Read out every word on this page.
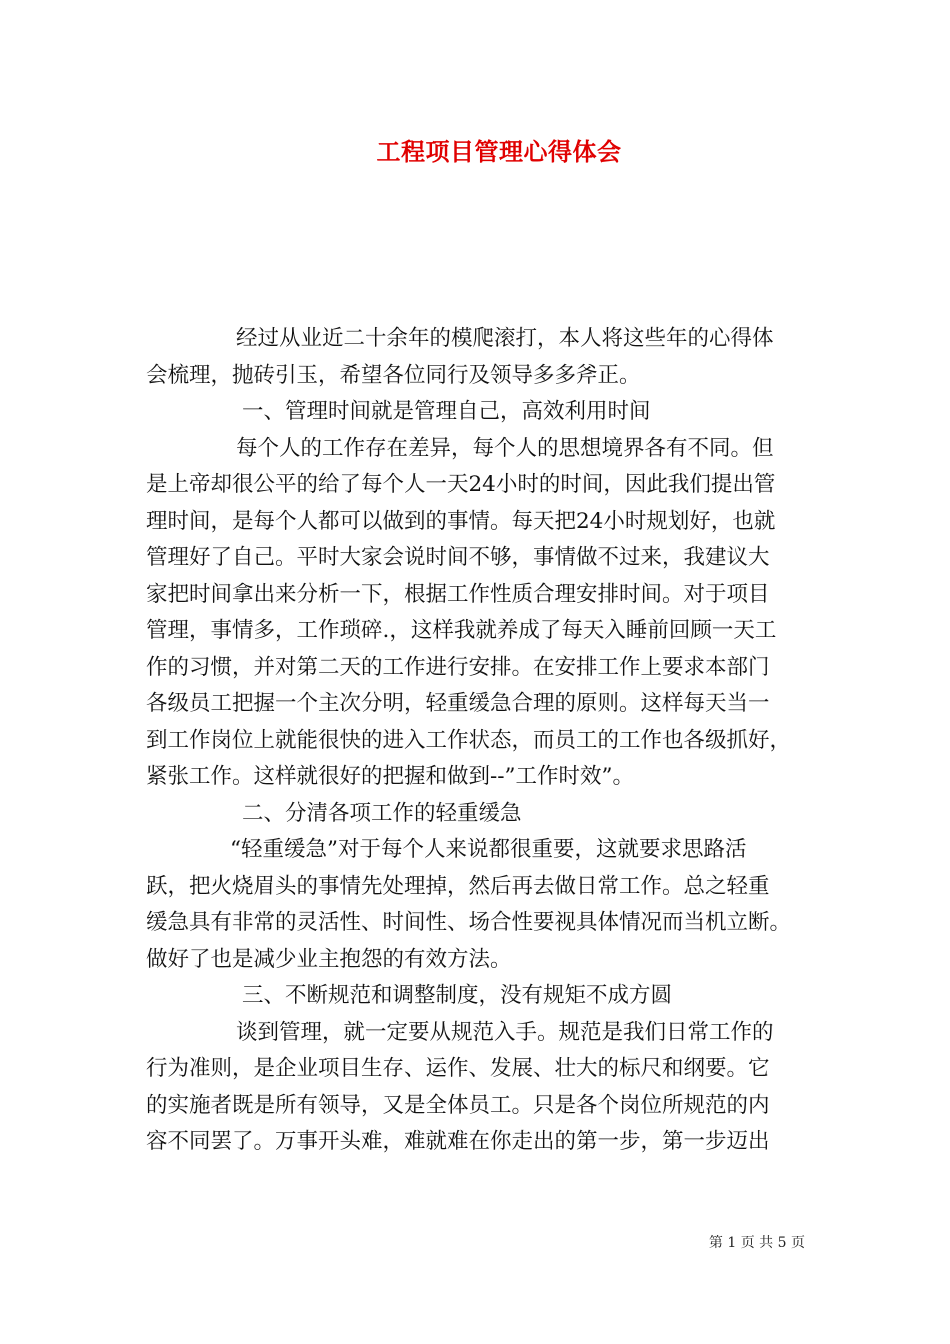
工程项目管理心得体会
经过从业近二十余年的模爬滚打，本人将这些年的心得体
会梳理，抛砖引玉，希望各位同行及领导多多斧正。
一、管理时间就是管理自己，高效利用时间
每个人的工作存在差异，每个人的思想境界各有不同。但
是上帝却很公平的给了每个人一天24小时的时间，因此我们提出管
理时间，是每个人都可以做到的事情。每天把24小时规划好，也就
管理好了自己。平时大家会说时间不够，事情做不过来，我建议大
家把时间拿出来分析一下，根据工作性质合理安排时间。对于项目
管理，事情多，工作琐碎.，这样我就养成了每天入睡前回顾一天工
作的习惯，并对第二天的工作进行安排。在安排工作上要求本部门
各级员工把握一个主次分明，轻重缓急合理的原则。这样每天当一
到工作岗位上就能很快的进入工作状态，而员工的工作也各级抓好，
紧张工作。这样就很好的把握和做到--”工作时效”。
二、分清各项工作的轻重缓急
“轻重缓急”对于每个人来说都很重要，这就要求思路活
跃，把火烧眉头的事情先处理掉，然后再去做日常工作。总之轻重
缓急具有非常的灵活性、时间性、场合性要视具体情况而当机立断。
做好了也是减少业主抱怨的有效方法。
三、不断规范和调整制度，没有规矩不成方圆
谈到管理，就一定要从规范入手。规范是我们日常工作的
行为准则，是企业项目生存、运作、发展、壮大的标尺和纲要。它
的实施者既是所有领导，又是全体员工。只是各个岗位所规范的内
容不同罢了。万事开头难，难就难在你走出的第一步，第一步迈出
第 1 页 共 5 页
